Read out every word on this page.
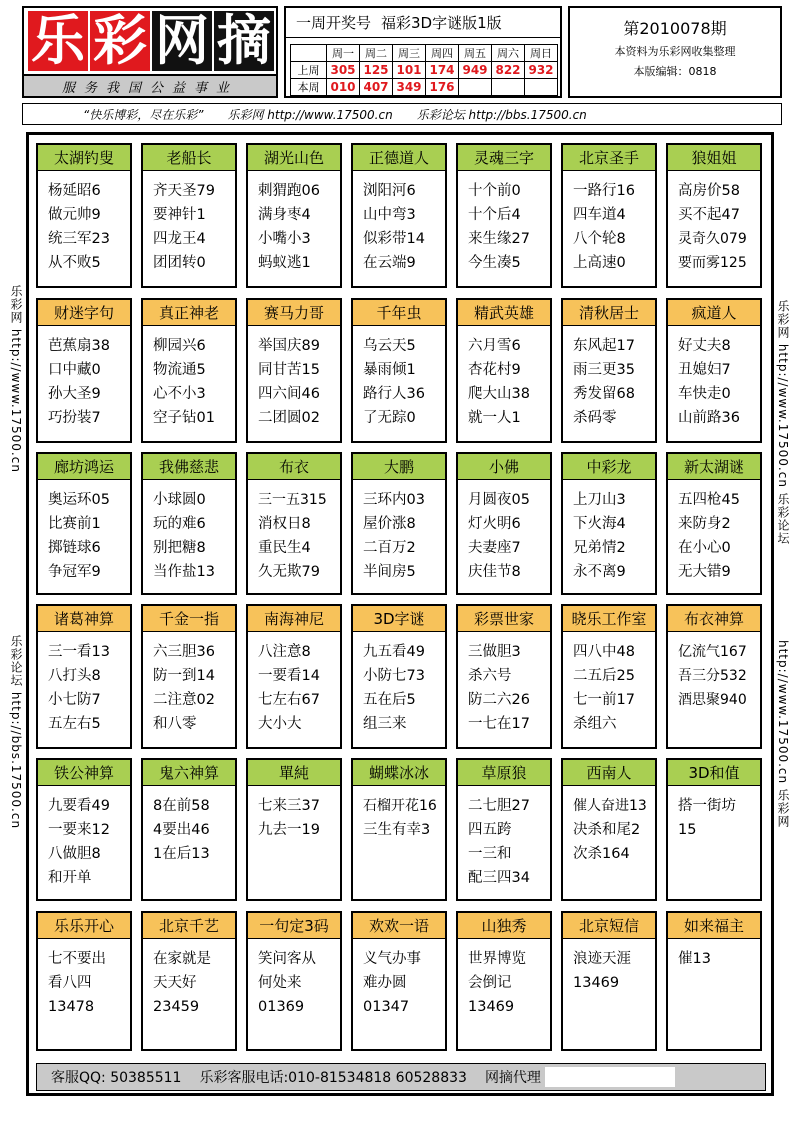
乐 彩 网 摘
服务我国公益事业
一周开奖号 福彩3D字谜版1版
	周一	周二	周三	周四	周五	周六	周日
上周	305	125	101	174	949	822	932
本周	010	407	349	176			
第2010078期
本资料为乐彩网收集整理
本版编辑：0818
“快乐博彩，尽在乐彩” 乐彩网 http://www.17500.cn 乐彩论坛 http://bbs.17500.cn
乐彩网 http://www.17500.cn
乐彩论坛 http://bbs.17500.cn
乐彩网 http://www.17500.cn 乐彩论坛
http://www.17500.cn 乐彩网
太湖钓叟
杨延昭6
做元帅9
统三军23
从不败5
老船长
齐天圣79
要神针1
四龙王4
团团转0
湖光山色
刺猬跑06
满身枣4
小嘴小3
蚂蚁逃1
正德道人
浏阳河6
山中弯3
似彩带14
在云端9
灵魂三字
十个前0
十个后4
来生缘27
今生凑5
北京圣手
一路行16
四车道4
八个轮8
上高速0
狼姐姐
高房价58
买不起47
灵奇久079
要而雾125
财迷字句
芭蕉扇38
口中藏0
孙大圣9
巧扮装7
真正神老
柳园兴6
物流通5
心不小3
空子钻01
赛马力哥
举国庆89
同甘苦15
四六间46
二团圆02
千年虫
乌云天5
暴雨倾1
路行人36
了无踪0
精武英雄
六月雪6
杏花村9
爬大山38
就一人1
清秋居士
东风起17
雨三更35
秀发留68
杀码零
疯道人
好丈夫8
丑媳妇7
车快走0
山前路36
廊坊鸿运
奥运环05
比赛前1
掷链球6
争冠军9
我佛慈悲
小球圆0
玩的难6
别把糖8
当作盐13
布衣
三一五315
消权日8
重民生4
久无欺79
大鹏
三环内03
屋价涨8
二百万2
半间房5
小佛
月圆夜05
灯火明6
夫妻座7
庆佳节8
中彩龙
上刀山3
下火海4
兄弟情2
永不离9
新太湖谜
五四枪45
来防身2
在小心0
无大错9
诸葛神算
三一看13
八打头8
小七防7
五左右5
千金一指
六三胆36
防一到14
二注意02
和八零
南海神尼
八注意8
一要看14
七左右67
大小大
3D字谜
九五看49
小防七73
五在后5
组三来
彩票世家
三做胆3
杀六号
防二六26
一七在17
晓乐工作室
四八中48
二五后25
七一前17
杀组六
布衣神算
亿流气167
吾三分532
酒思聚940
铁公神算
九要看49
一要来12
八做胆8
和开单
鬼六神算
8在前58
4要出46
1在后13
單純
七来三37
九去一19
蝴蝶冰冰
石榴开花16
三生有幸3
草原狼
二七胆27
四五跨
一三和
配三四34
西南人
催人奋进13
决杀和尾2
次杀164
3D和值
搭一街坊
15
乐乐开心
七不要出
看八四
13478
北京千艺
在家就是
天天好
23459
一句定3码
笑问客从
何处来
01369
欢欢一语
义气办事
难办圆
01347
山独秀
世界博览
会倒记
13469
北京短信
浪迹天涯
13469
如来福主
催13
客服QQ: 50385511 乐彩客服电话:010-81534818 60528833 网摘代理
